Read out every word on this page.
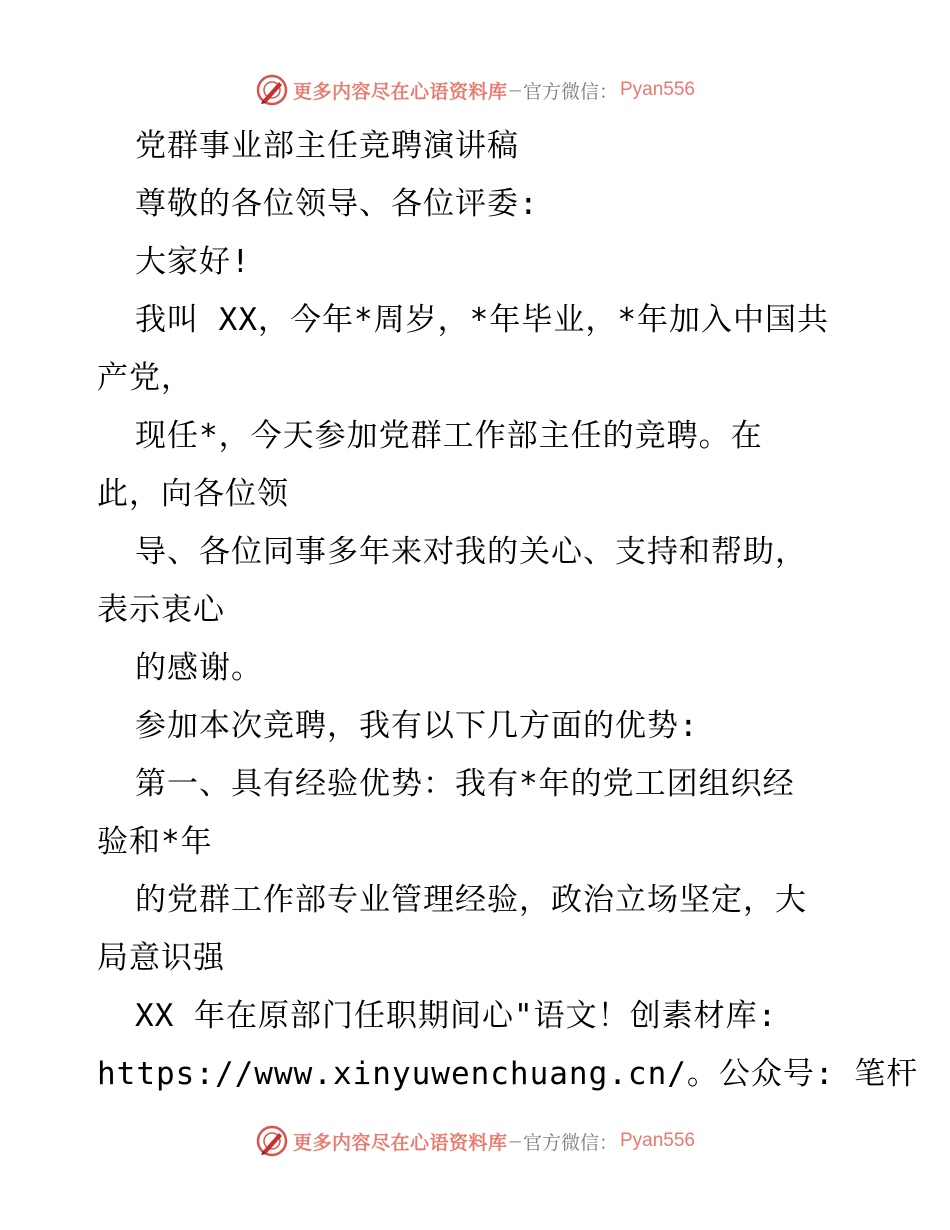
更多内容尽在心语资料库 — 官方微信： Pyan556
党群事业部主任竞聘演讲稿
尊敬的各位领导、各位评委:
大家好!
我叫 XX，今年*周岁，*年毕业，*年加入中国共
产党，
现任*，今天参加党群工作部主任的竞聘。在
此，向各位领
导、各位同事多年来对我的关心、支持和帮助，
表示衷心
的感谢。
参加本次竞聘，我有以下几方面的优势:
第一、具有经验优势：我有*年的党工团组织经
验和*年
的党群工作部专业管理经验，政治立场坚定，大
局意识强
XX 年在原部门任职期间心"语文！创素材库:
https://www.xinyuwenchuang.cn/。公众号: 笔杆
更多内容尽在心语资料库 — 官方微信： Pyan556
